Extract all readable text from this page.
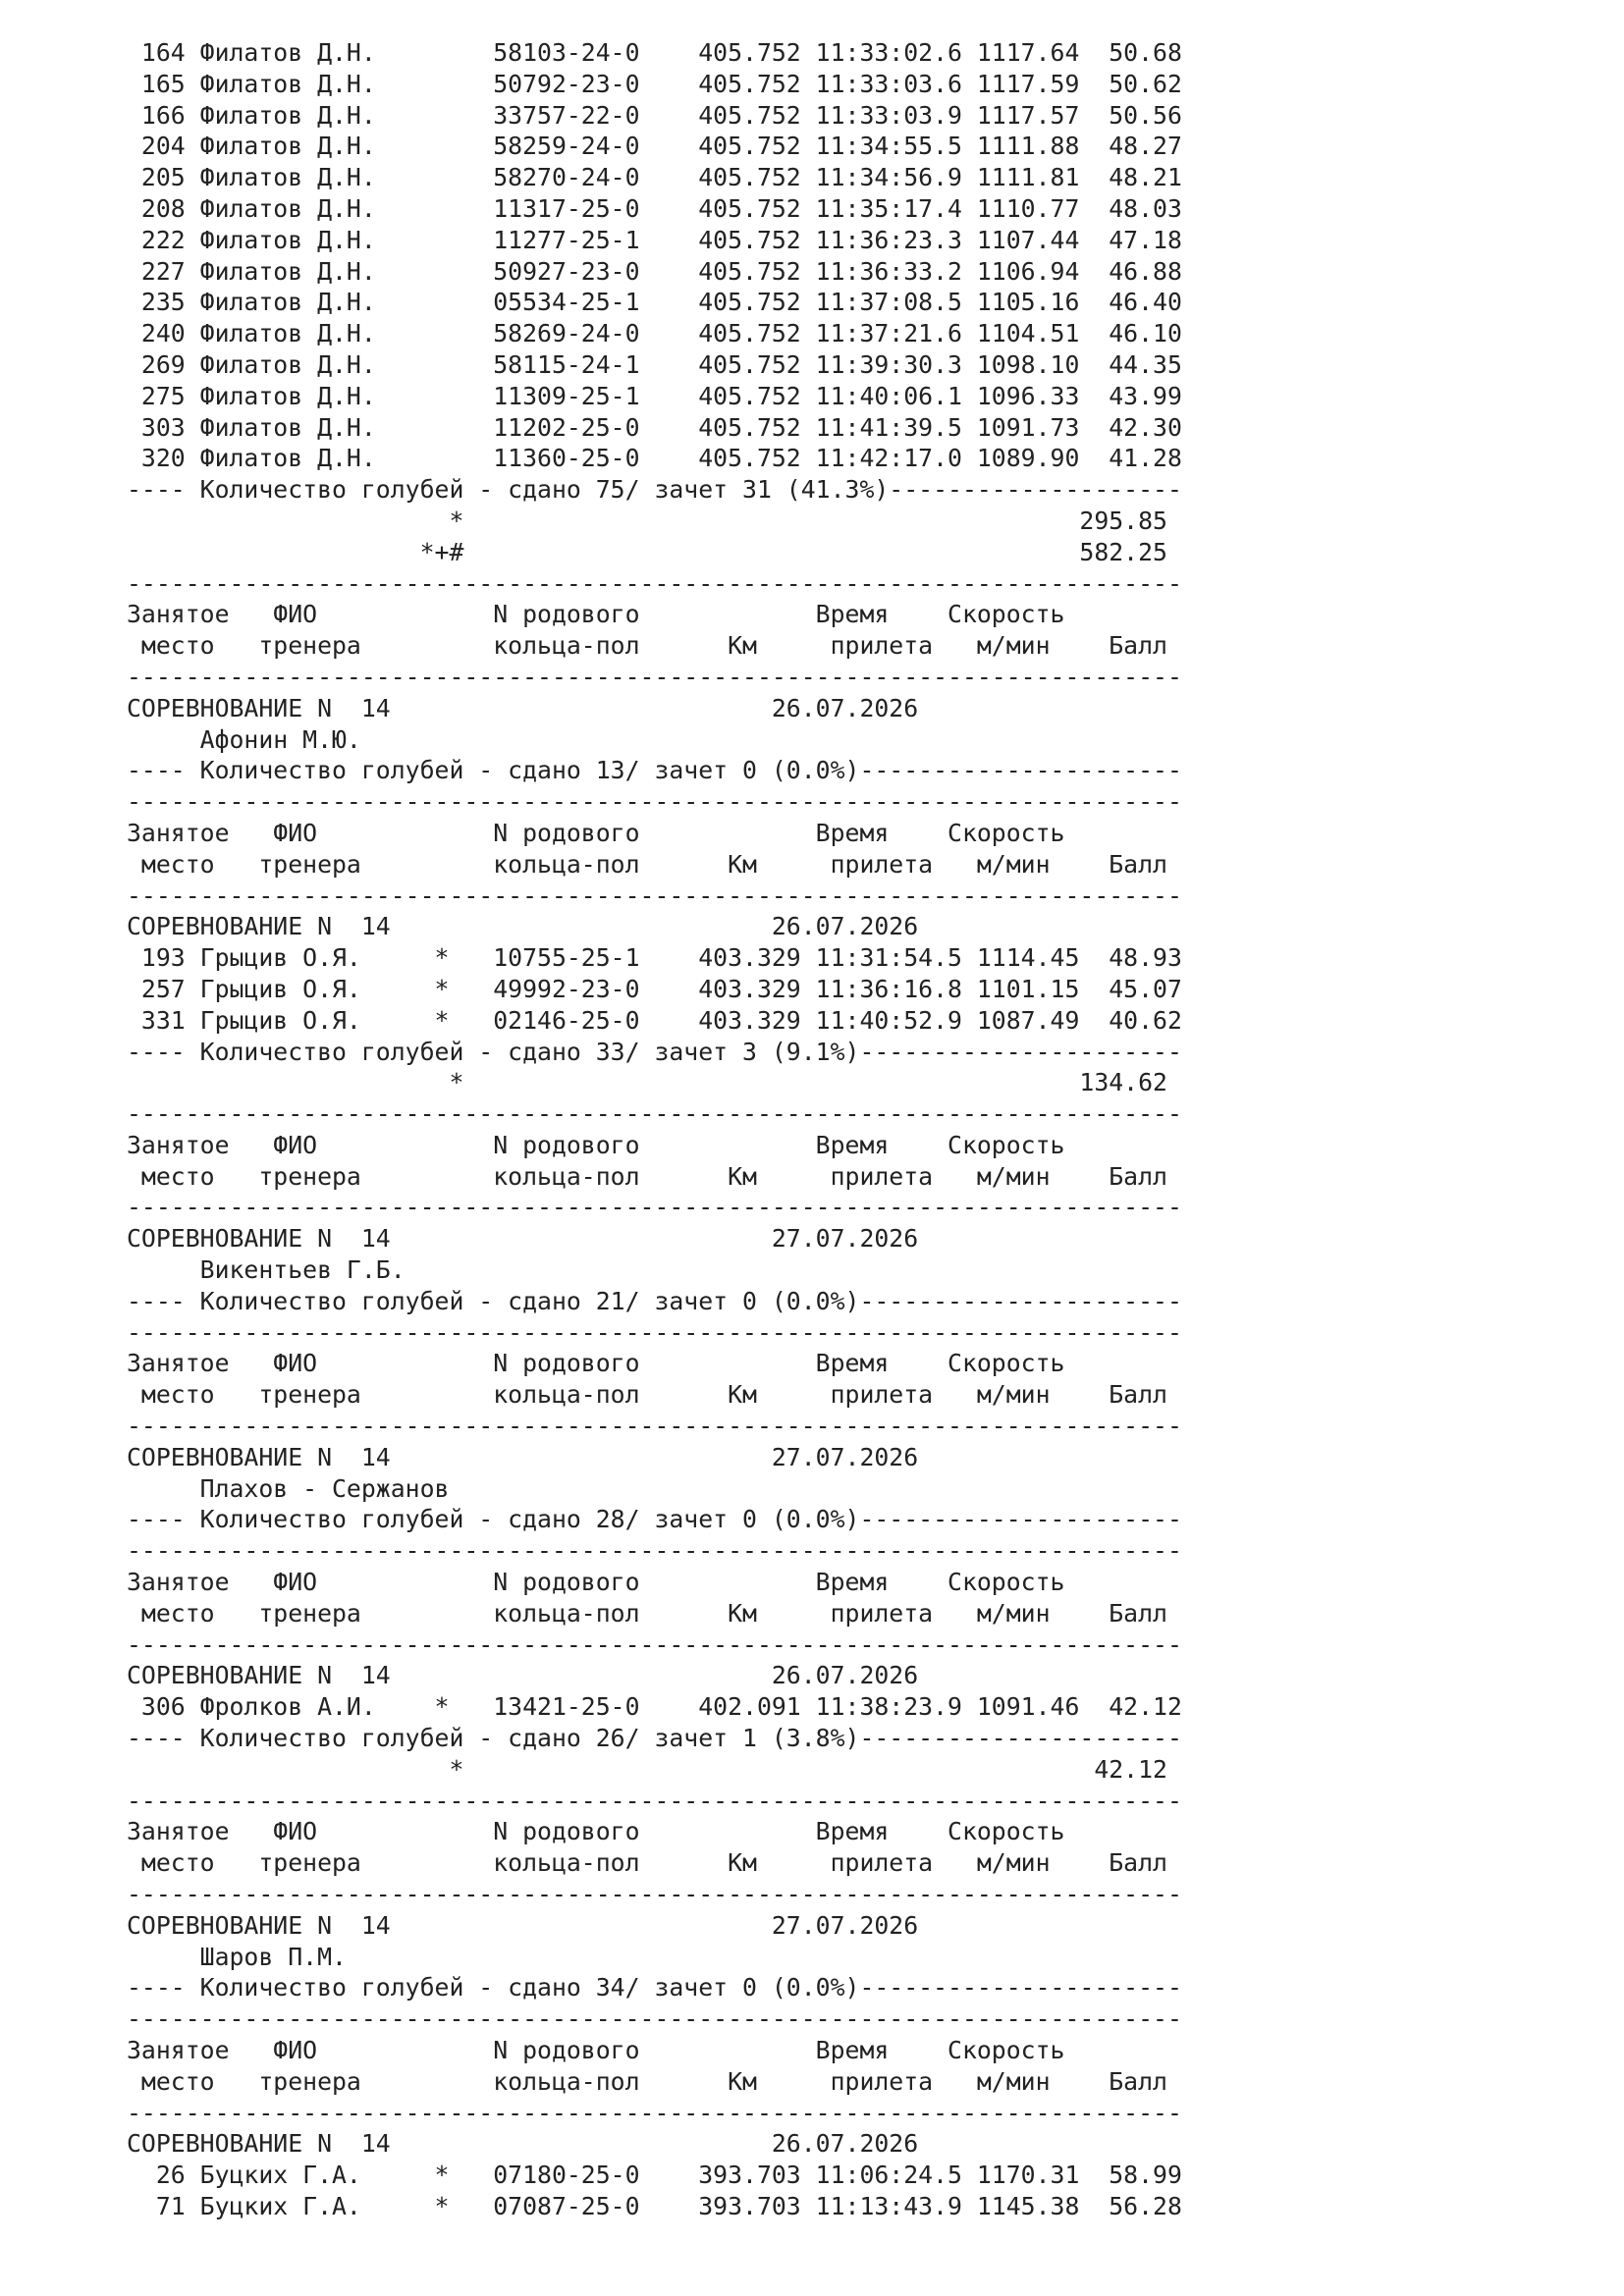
164 Филатов Д.Н.        58103-24-0    405.752 11:33:02.6 1117.64  50.68
165 Филатов Д.Н.        50792-23-0    405.752 11:33:03.6 1117.59  50.62
166 Филатов Д.Н.        33757-22-0    405.752 11:33:03.9 1117.57  50.56
204 Филатов Д.Н.        58259-24-0    405.752 11:34:55.5 1111.88  48.27
205 Филатов Д.Н.        58270-24-0    405.752 11:34:56.9 1111.81  48.21
208 Филатов Д.Н.        11317-25-0    405.752 11:35:17.4 1110.77  48.03
222 Филатов Д.Н.        11277-25-1    405.752 11:36:23.3 1107.44  47.18
227 Филатов Д.Н.        50927-23-0    405.752 11:36:33.2 1106.94  46.88
235 Филатов Д.Н.        05534-25-1    405.752 11:37:08.5 1105.16  46.40
240 Филатов Д.Н.        58269-24-0    405.752 11:37:21.6 1104.51  46.10
269 Филатов Д.Н.        58115-24-1    405.752 11:39:30.3 1098.10  44.35
275 Филатов Д.Н.        11309-25-1    405.752 11:40:06.1 1096.33  43.99
303 Филатов Д.Н.        11202-25-0    405.752 11:41:39.5 1091.73  42.30
320 Филатов Д.Н.        11360-25-0    405.752 11:42:17.0 1089.90  41.28
---- Количество голубей - сдано 75/ зачет 31 (41.3%)--------------------
*                                          295.85
*+#                                          582.25
------------------------------------------------------------------------
Занятое   ФИО            N родового            Время    Скорость
место   тренера         кольца-пол      Км     прилета   м/мин    Балл
------------------------------------------------------------------------
СОРЕВНОВАНИЕ N  14                          26.07.2026
Афонин М.Ю.
---- Количество голубей - сдано 13/ зачет 0 (0.0%)----------------------
------------------------------------------------------------------------
Занятое   ФИО            N родового            Время    Скорость
место   тренера         кольца-пол      Км     прилета   м/мин    Балл
------------------------------------------------------------------------
СОРЕВНОВАНИЕ N  14                          26.07.2026
193 Грыцив О.Я.     *   10755-25-1    403.329 11:31:54.5 1114.45  48.93
257 Грыцив О.Я.     *   49992-23-0    403.329 11:36:16.8 1101.15  45.07
331 Грыцив О.Я.     *   02146-25-0    403.329 11:40:52.9 1087.49  40.62
---- Количество голубей - сдано 33/ зачет 3 (9.1%)----------------------
*                                          134.62
------------------------------------------------------------------------
Занятое   ФИО            N родового            Время    Скорость
место   тренера         кольца-пол      Км     прилета   м/мин    Балл
------------------------------------------------------------------------
СОРЕВНОВАНИЕ N  14                          27.07.2026
Викентьев Г.Б.
---- Количество голубей - сдано 21/ зачет 0 (0.0%)----------------------
------------------------------------------------------------------------
Занятое   ФИО            N родового            Время    Скорость
место   тренера         кольца-пол      Км     прилета   м/мин    Балл
------------------------------------------------------------------------
СОРЕВНОВАНИЕ N  14                          27.07.2026
Плахов - Сержанов
---- Количество голубей - сдано 28/ зачет 0 (0.0%)----------------------
------------------------------------------------------------------------
Занятое   ФИО            N родового            Время    Скорость
место   тренера         кольца-пол      Км     прилета   м/мин    Балл
------------------------------------------------------------------------
СОРЕВНОВАНИЕ N  14                          26.07.2026
306 Фролков А.И.    *   13421-25-0    402.091 11:38:23.9 1091.46  42.12
---- Количество голубей - сдано 26/ зачет 1 (3.8%)----------------------
*                                           42.12
------------------------------------------------------------------------
Занятое   ФИО            N родового            Время    Скорость
место   тренера         кольца-пол      Км     прилета   м/мин    Балл
------------------------------------------------------------------------
СОРЕВНОВАНИЕ N  14                          27.07.2026
Шаров П.М.
---- Количество голубей - сдано 34/ зачет 0 (0.0%)----------------------
------------------------------------------------------------------------
Занятое   ФИО            N родового            Время    Скорость
место   тренера         кольца-пол      Км     прилета   м/мин    Балл
------------------------------------------------------------------------
СОРЕВНОВАНИЕ N  14                          26.07.2026
26 Буцких Г.А.     *   07180-25-0    393.703 11:06:24.5 1170.31  58.99
71 Буцких Г.А.     *   07087-25-0    393.703 11:13:43.9 1145.38  56.28
